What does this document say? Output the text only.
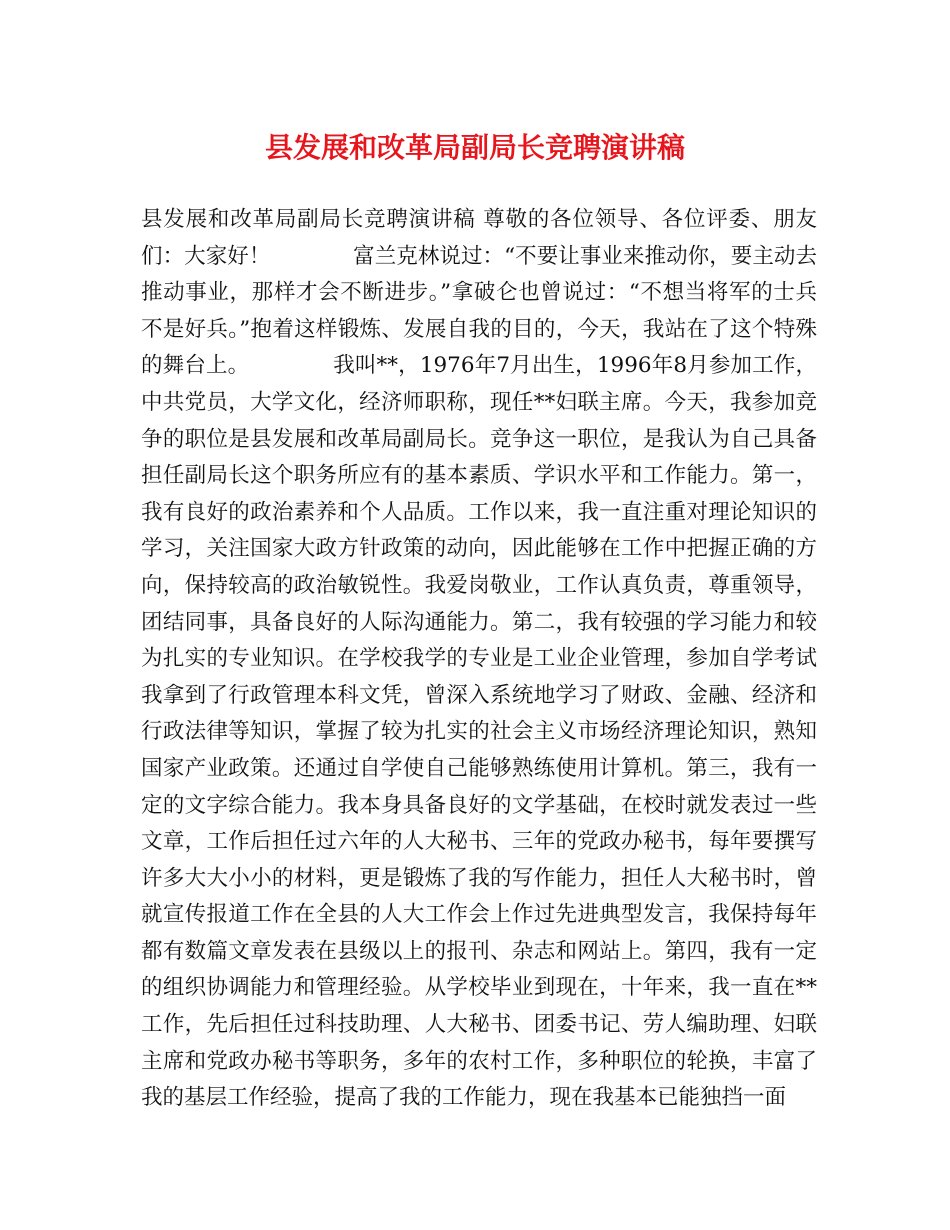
县发展和改革局副局长竞聘演讲稿

县发展和改革局副局长竞聘演讲稿 尊敬的各位领导、各位评委、朋友们：大家好！            富兰克林说过：“不要让事业来推动你，要主动去推动事业，那样才会不断进步。”拿破仑也曾说过：“不想当将军的士兵不是好兵。”抱着这样锻炼、发展自我的目的，今天，我站在了这个特殊的舞台上。            我叫**，1976年7月出生，1996年8月参加工作，中共党员，大学文化，经济师职称，现任**妇联主席。今天，我参加竞争的职位是县发展和改革局副局长。竞争这一职位，是我认为自己具备担任副局长这个职务所应有的基本素质、学识水平和工作能力。第一，我有良好的政治素养和个人品质。工作以来，我一直注重对理论知识的学习，关注国家大政方针政策的动向，因此能够在工作中把握正确的方向，保持较高的政治敏锐性。我爱岗敬业，工作认真负责，尊重领导，团结同事，具备良好的人际沟通能力。第二，我有较强的学习能力和较为扎实的专业知识。在学校我学的专业是工业企业管理，参加自学考试我拿到了行政管理本科文凭，曾深入系统地学习了财政、金融、经济和行政法律等知识，掌握了较为扎实的社会主义市场经济理论知识，熟知国家产业政策。还通过自学使自己能够熟练使用计算机。第三，我有一定的文字综合能力。我本身具备良好的文学基础，在校时就发表过一些文章，工作后担任过六年的人大秘书、三年的党政办秘书，每年要撰写许多大大小小的材料，更是锻炼了我的写作能力，担任人大秘书时，曾就宣传报道工作在全县的人大工作会上作过先进典型发言，我保持每年都有数篇文章发表在县级以上的报刊、杂志和网站上。第四，我有一定的组织协调能力和管理经验。从学校毕业到现在，十年来，我一直在**工作，先后担任过科技助理、人大秘书、团委书记、劳人编助理、妇联主席和党政办秘书等职务，多年的农村工作，多种职位的轮换，丰富了我的基层工作经验，提高了我的工作能力，现在我基本已能独挡一面
